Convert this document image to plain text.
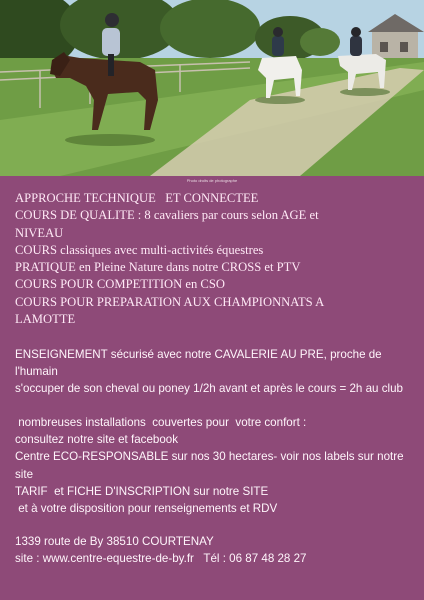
Photo droits de photographe
APPROCHE TECHNIQUE   ET CONNECTEE
COURS DE QUALITE : 8 cavaliers par cours selon AGE et NIVEAU
COURS classiques avec multi-activités équestres
PRATIQUE en Pleine Nature dans notre CROSS et PTV
COURS POUR COMPETITION en CSO
COURS POUR PREPARATION AUX CHAMPIONNATS A LAMOTTE
ENSEIGNEMENT sécurisé avec notre CAVALERIE AU PRE, proche de l'humain
s'occuper de son cheval ou poney 1/2h avant et après le cours = 2h au club
nombreuses installations  couvertes pour  votre confort :
consultez notre site et facebook
Centre ECO-RESPONSABLE sur nos 30 hectares- voir nos labels sur notre site
TARIF  et FICHE D'INSCRIPTION sur notre SITE
et à votre disposition pour renseignements et RDV
1339 route de By 38510 COURTENAY
site : www.centre-equestre-de-by.fr   Tél : 06 87 48 28 27
